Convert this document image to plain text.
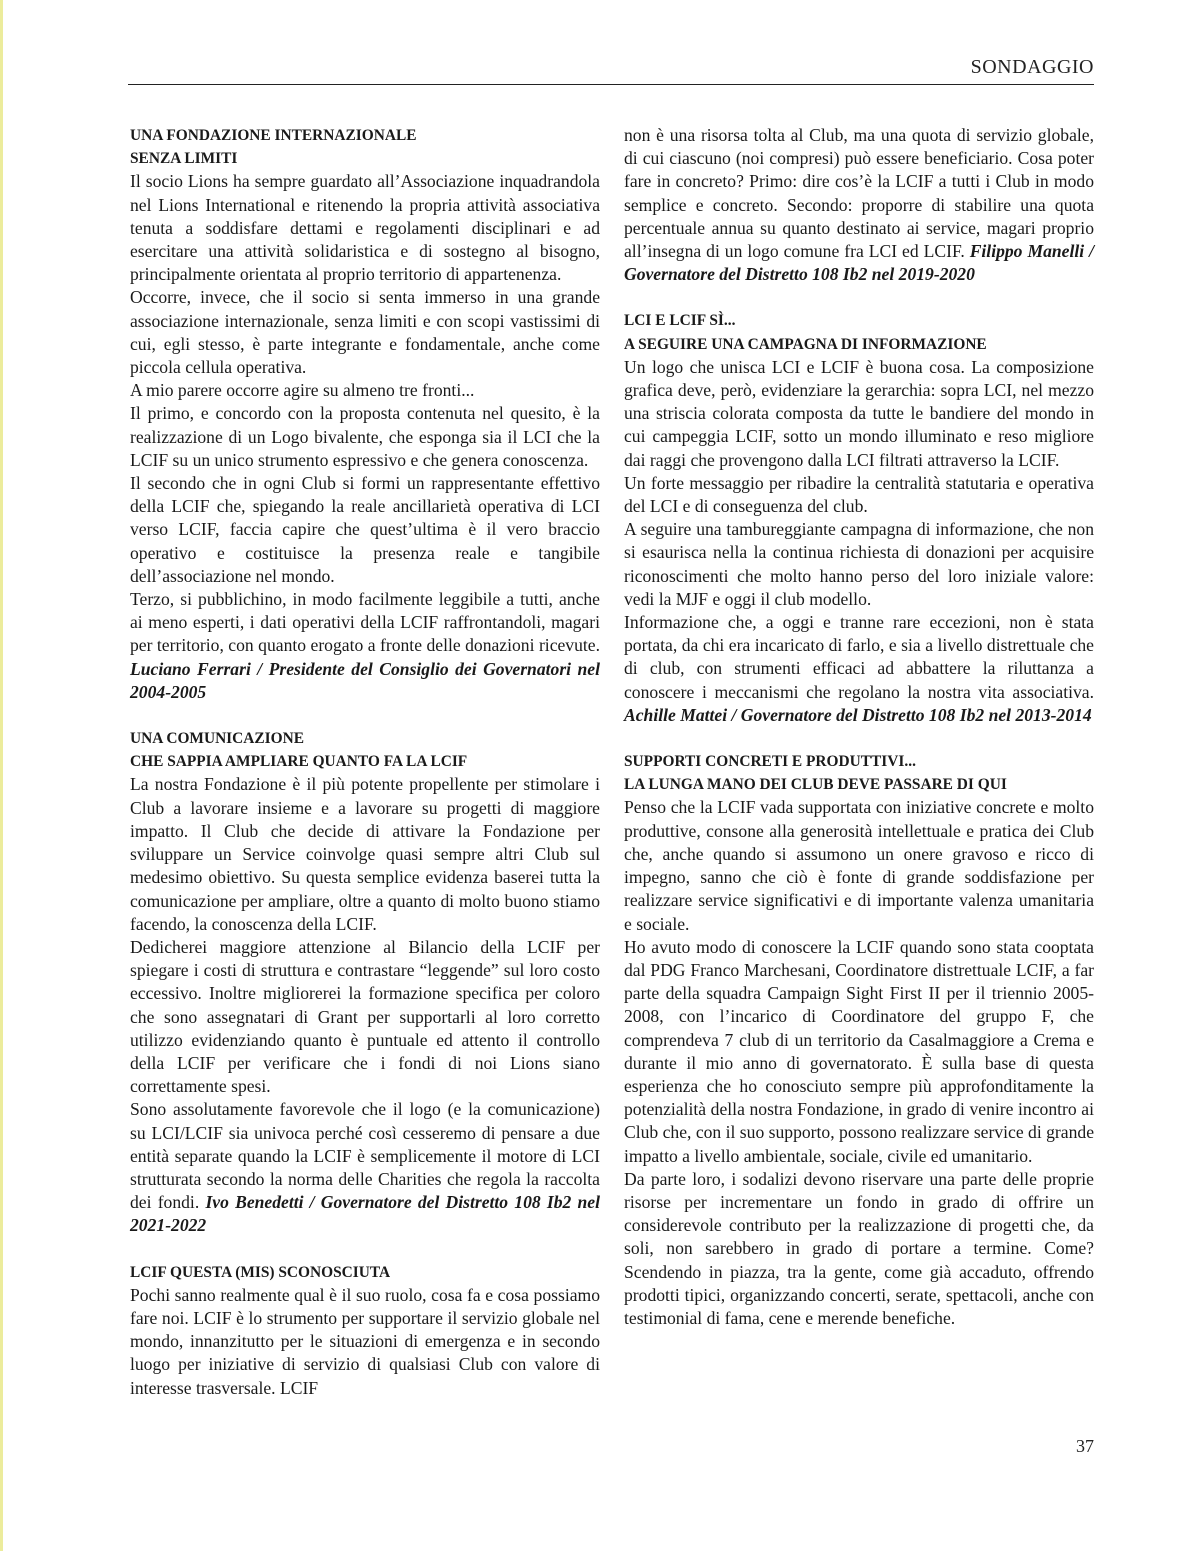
SONDAGGIO
UNA FONDAZIONE INTERNAZIONALE
SENZA LIMITI

Il socio Lions ha sempre guardato all’Associazione inquadrandola nel Lions International e ritenendo la propria attività associativa tenuta a soddisfare dettami e regolamenti disciplinari e ad esercitare una attività solidaristica e di sostegno al bisogno, principalmente orientata al proprio territorio di appartenenza.

Occorre, invece, che il socio si senta immerso in una grande associazione internazionale, senza limiti e con scopi vastissimi di cui, egli stesso, è parte integrante e fondamentale, anche come piccola cellula operativa.

A mio parere occorre agire su almeno tre fronti...

Il primo, e concordo con la proposta contenuta nel quesito, è la realizzazione di un Logo bivalente, che esponga sia il LCI che la LCIF su un unico strumento espressivo e che genera conoscenza.

Il secondo che in ogni Club si formi un rappresentante effettivo della LCIF che, spiegando la reale ancillarietà operativa di LCI verso LCIF, faccia capire che quest’ultima è il vero braccio operativo e costituisce la presenza reale e tangibile dell’associazione nel mondo.

Terzo, si pubblichino, in modo facilmente leggibile a tutti, anche ai meno esperti, i dati operativi della LCIF raffrontandoli, magari per territorio, con quanto erogato a fronte delle donazioni ricevute. Luciano Ferrari / Presidente del Consiglio dei Governatori nel 2004-2005

UNA COMUNICAZIONE
CHE SAPPIA AMPLIARE QUANTO FA LA LCIF

La nostra Fondazione è il più potente propellente per stimolare i Club a lavorare insieme e a lavorare su progetti di maggiore impatto. Il Club che decide di attivare la Fondazione per sviluppare un Service coinvolge quasi sempre altri Club sul medesimo obiettivo. Su questa semplice evidenza baserei tutta la comunicazione per ampliare, oltre a quanto di molto buono stiamo facendo, la conoscenza della LCIF.

Dedicherei maggiore attenzione al Bilancio della LCIF per spiegare i costi di struttura e contrastare “leggende” sul loro costo eccessivo. Inoltre migliorerei la formazione specifica per coloro che sono assegnatari di Grant per supportarli al loro corretto utilizzo evidenziando quanto è puntuale ed attento il controllo della LCIF per verificare che i fondi di noi Lions siano correttamente spesi.

Sono assolutamente favorevole che il logo (e la comunicazione) su LCI/LCIF sia univoca perché così cesseremo di pensare a due entità separate quando la LCIF è semplicemente il motore di LCI strutturata secondo la norma delle Charities che regola la raccolta dei fondi. Ivo Benedetti / Governatore del Distretto 108 Ib2 nel 2021-2022

LCIF QUESTA (MIS) SCONOSCIUTA

Pochi sanno realmente qual è il suo ruolo, cosa fa e cosa possiamo fare noi. LCIF è lo strumento per supportare il servizio globale nel mondo, innanzitutto per le situazioni di emergenza e in secondo luogo per iniziative di servizio di qualsiasi Club con valore di interesse trasversale. LCIF

non è una risorsa tolta al Club, ma una quota di servizio globale, di cui ciascuno (noi compresi) può essere beneficiario. Cosa poter fare in concreto? Primo: dire cos’è la LCIF a tutti i Club in modo semplice e concreto. Secondo: proporre di stabilire una quota percentuale annua su quanto destinato ai service, magari proprio all’insegna di un logo comune fra LCI ed LCIF. Filippo Manelli / Governatore del Distretto 108 Ib2 nel 2019-2020

LCI E LCIF SÌ...
A SEGUIRE UNA CAMPAGNA DI INFORMAZIONE

Un logo che unisca LCI e LCIF è buona cosa. La composizione grafica deve, però, evidenziare la gerarchia: sopra LCI, nel mezzo una striscia colorata composta da tutte le bandiere del mondo in cui campeggia LCIF, sotto un mondo illuminato e reso migliore dai raggi che provengono dalla LCI filtrati attraverso la LCIF.

Un forte messaggio per ribadire la centralità statutaria e operativa del LCI e di conseguenza del club.

A seguire una tambureggiante campagna di informazione, che non si esaurisca nella la continua richiesta di donazioni per acquisire riconoscimenti che molto hanno perso del loro iniziale valore: vedi la MJF e oggi il club modello.

Informazione che, a oggi e tranne rare eccezioni, non è stata portata, da chi era incaricato di farlo, e sia a livello distrettuale che di club, con strumenti efficaci ad abbattere la riluttanza a conoscere i meccanismi che regolano la nostra vita associativa. Achille Mattei / Governatore del Distretto 108 Ib2 nel 2013-2014

SUPPORTI CONCRETI E PRODUTTIVI...
LA LUNGA MANO DEI CLUB DEVE PASSARE DI QUI

Penso che la LCIF vada supportata con iniziative concrete e molto produttive, consone alla generosità intellettuale e pratica dei Club che, anche quando si assumono un onere gravoso e ricco di impegno, sanno che ciò è fonte di grande soddisfazione per realizzare service significativi e di importante valenza umanitaria e sociale.

Ho avuto modo di conoscere la LCIF quando sono stata cooptata dal PDG Franco Marchesani, Coordinatore distrettuale LCIF, a far parte della squadra Campaign Sight First II per il triennio 2005-2008, con l’incarico di Coordinatore del gruppo F, che comprendeva 7 club di un territorio da Casalmaggiore a Crema e durante il mio anno di governatorato. È sulla base di questa esperienza che ho conosciuto sempre più approfonditamente la potenzialità della nostra Fondazione, in grado di venire incontro ai Club che, con il suo supporto, possono realizzare service di grande impatto a livello ambientale, sociale, civile ed umanitario.

Da parte loro, i sodalizi devono riservare una parte delle proprie risorse per incrementare un fondo in grado di offrire un considerevole contributo per la realizzazione di progetti che, da soli, non sarebbero in grado di portare a termine. Come? Scendendo in piazza, tra la gente, come già accaduto, offrendo prodotti tipici, organizzando concerti, serate, spettacoli, anche con testimonial di fama, cene e merende benefiche.

37
